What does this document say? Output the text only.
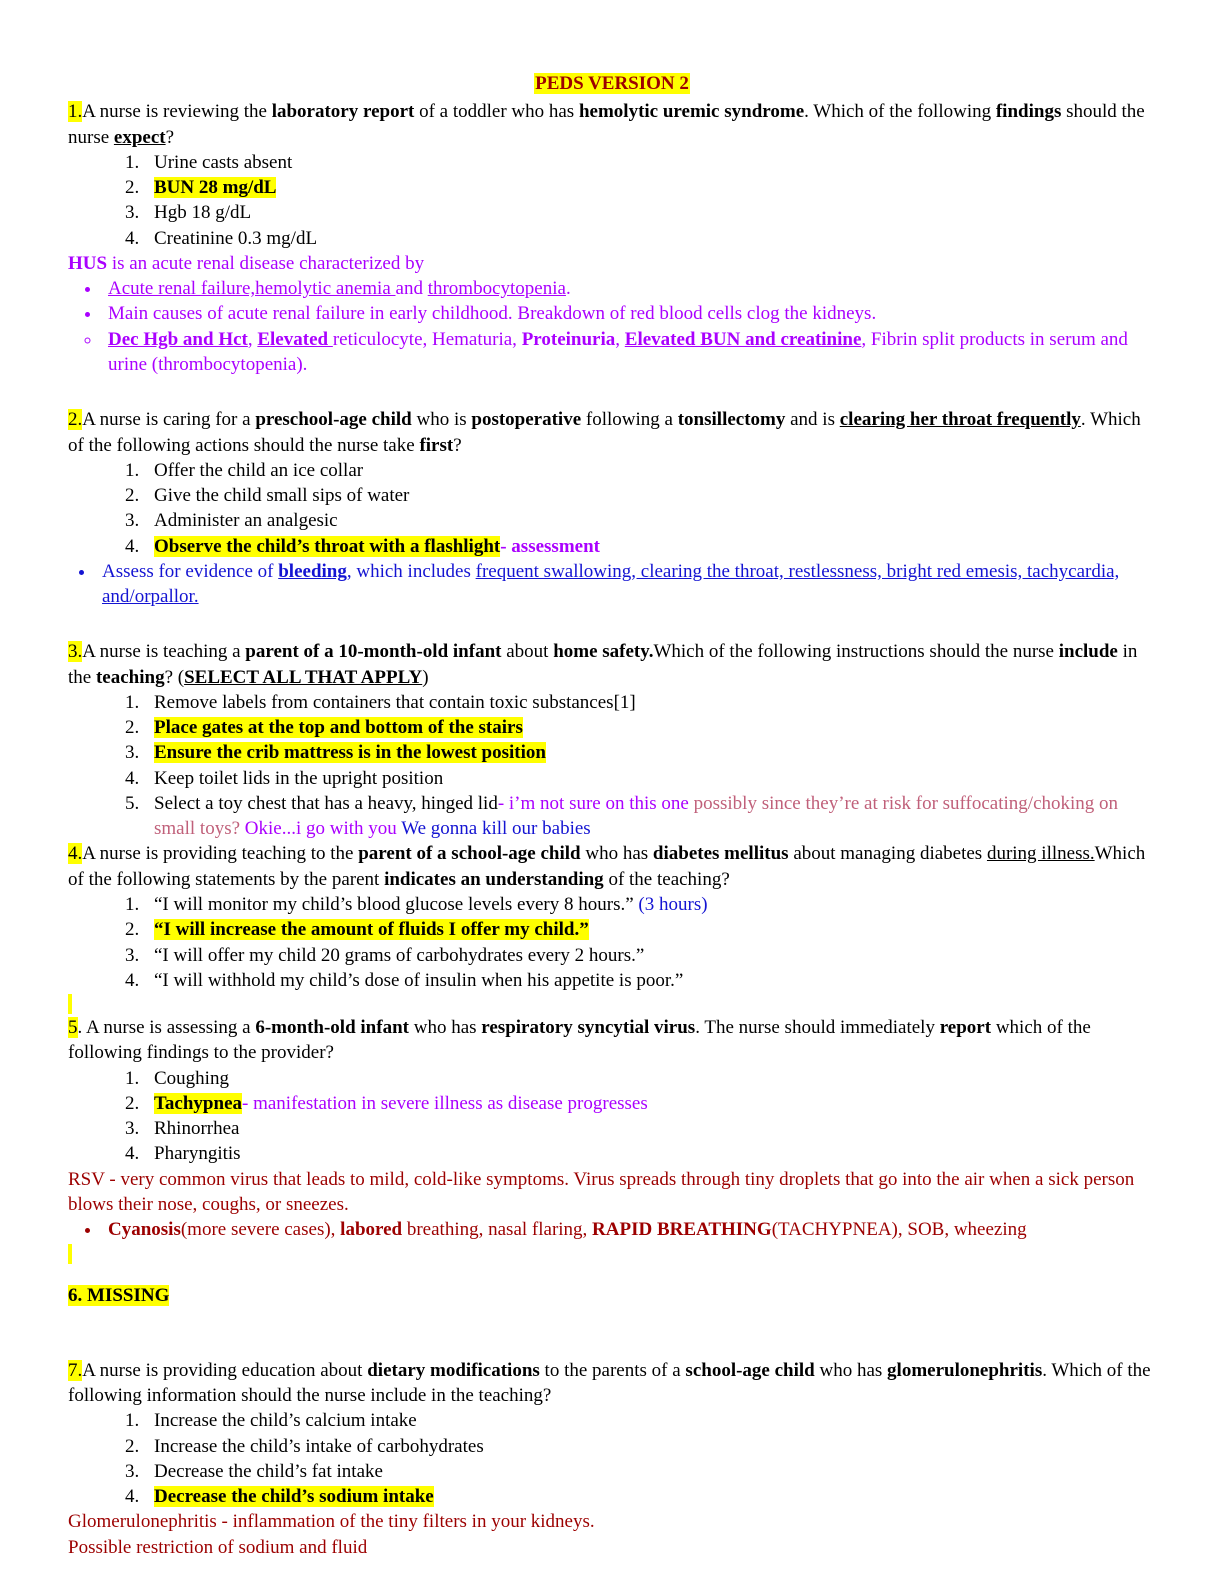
PEDS VERSION 2

1.A nurse is reviewing the laboratory report of a toddler who has hemolytic uremic syndrome. Which of the following findings should the nurse expect?

1. Urine casts absent
2. BUN 28 mg/dL
3. Hgb 18 g/dL
4. Creatinine 0.3 mg/dL

HUS is an acute renal disease characterized by

• Acute renal failure,hemolytic anemia and thrombocytopenia.
• Main causes of acute renal failure in early childhood. Breakdown of red blood cells clog the kidneys.
◦ Dec Hgb and Hct, Elevated reticulocyte, Hematuria, Proteinuria, Elevated BUN and creatinine, Fibrin split products in serum and urine (thrombocytopenia).

2.A nurse is caring for a preschool-age child who is postoperative following a tonsillectomy and is clearing her throat frequently. Which of the following actions should the nurse take first?

1. Offer the child an ice collar
2. Give the child small sips of water
3. Administer an analgesic
4. Observe the child’s throat with a flashlight- assessment
• Assess for evidence of bleeding, which includes frequent swallowing, clearing the throat, restlessness, bright red emesis, tachycardia, and/orpallor.

3.A nurse is teaching a parent of a 10-month-old infant about home safety.Which of the following instructions should the nurse include in the teaching? (SELECT ALL THAT APPLY)

1. Remove labels from containers that contain toxic substances[1]
2. Place gates at the top and bottom of the stairs
3. Ensure the crib mattress is in the lowest position
4. Keep toilet lids in the upright position
5. Select a toy chest that has a heavy, hinged lid- i’m not sure on this one possibly since they’re at risk for suffocating/choking on small toys? Okie...i go with you We gonna kill our babies

4.A nurse is providing teaching to the parent of a school-age child who has diabetes mellitus about managing diabetes during illness.Which of the following statements by the parent indicates an understanding of the teaching?

1. “I will monitor my child’s blood glucose levels every 8 hours.” (3 hours)
2. “I will increase the amount of fluids I offer my child.”
3. “I will offer my child 20 grams of carbohydrates every 2 hours.”
4. “I will withhold my child’s dose of insulin when his appetite is poor.”

5. A nurse is assessing a 6-month-old infant who has respiratory syncytial virus. The nurse should immediately report which of the following findings to the provider?

1. Coughing
2. Tachypnea- manifestation in severe illness as disease progresses
3. Rhinorrhea
4. Pharyngitis

RSV - very common virus that leads to mild, cold-like symptoms. Virus spreads through tiny droplets that go into the air when a sick person blows their nose, coughs, or sneezes.

• Cyanosis(more severe cases), labored breathing, nasal flaring, RAPID BREATHING(TACHYPNEA), SOB, wheezing

6. MISSING

7.A nurse is providing education about dietary modifications to the parents of a school-age child who has glomerulonephritis. Which of the following information should the nurse include in the teaching?

1. Increase the child’s calcium intake
2. Increase the child’s intake of carbohydrates
3. Decrease the child’s fat intake
4. Decrease the child’s sodium intake

Glomerulonephritis - inflammation of the tiny filters in your kidneys.

Possible restriction of sodium and fluid
